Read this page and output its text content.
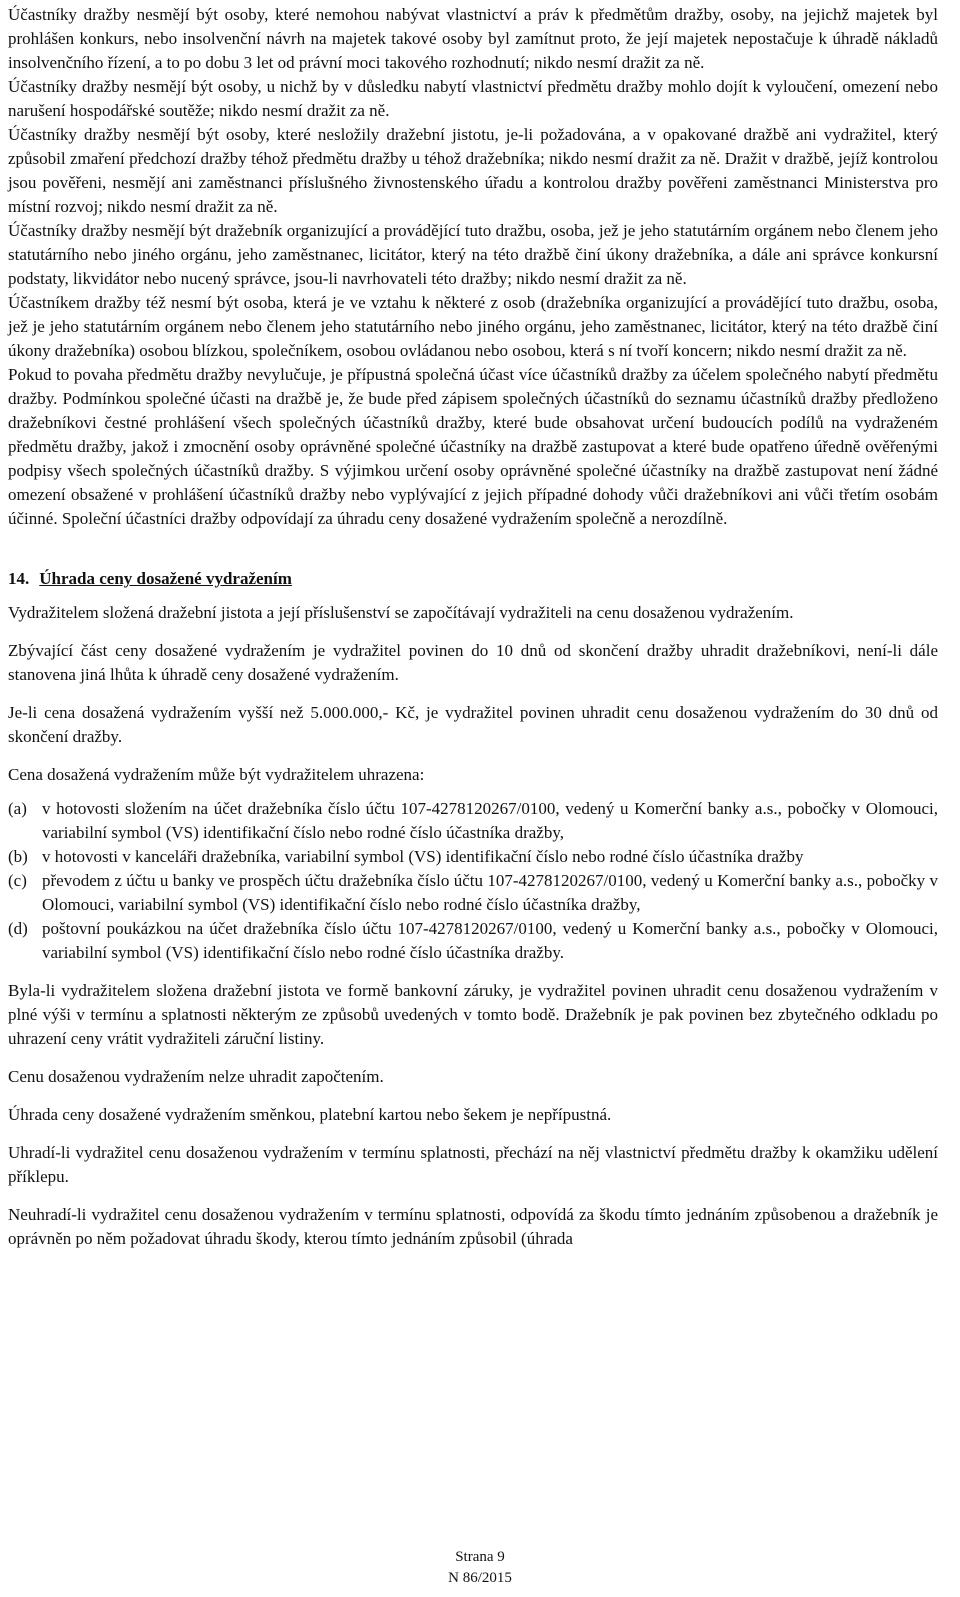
Účastníky dražby nesmějí být osoby, které nemohou nabývat vlastnictví a práv k předmětům dražby, osoby, na jejichž majetek byl prohlášen konkurs, nebo insolvenční návrh na majetek takové osoby byl zamítnut proto, že její majetek nepostačuje k úhradě nákladů insolvenčního řízení, a to po dobu 3 let od právní moci takového rozhodnutí; nikdo nesmí dražit za ně.

Účastníky dražby nesmějí být osoby, u nichž by v důsledku nabytí vlastnictví předmětu dražby mohlo dojít k vyloučení, omezení nebo narušení hospodářské soutěže; nikdo nesmí dražit za ně.

Účastníky dražby nesmějí být osoby, které nesložily dražební jistotu, je-li požadována, a v opakované dražbě ani vydražitel, který způsobil zmaření předchozí dražby téhož předmětu dražby u téhož dražebníka; nikdo nesmí dražit za ně. Dražit v dražbě, jejíž kontrolou jsou pověřeni, nesmějí ani zaměstnanci příslušného živnostenského úřadu a kontrolou dražby pověřeni zaměstnanci Ministerstva pro místní rozvoj; nikdo nesmí dražit za ně.

Účastníky dražby nesmějí být dražebník organizující a provádějící tuto dražbu, osoba, jež je jeho statutárním orgánem nebo členem jeho statutárního nebo jiného orgánu, jeho zaměstnanec, licitátor, který na této dražbě činí úkony dražebníka, a dále ani správce konkursní podstaty, likvidátor nebo nucený správce, jsou-li navrhovateli této dražby; nikdo nesmí dražit za ně.

Účastníkem dražby též nesmí být osoba, která je ve vztahu k některé z osob (dražebníka organizující a provádějící tuto dražbu, osoba, jež je jeho statutárním orgánem nebo členem jeho statutárního nebo jiného orgánu, jeho zaměstnanec, licitátor, který na této dražbě činí úkony dražebníka) osobou blízkou, společníkem, osobou ovládanou nebo osobou, která s ní tvoří koncern; nikdo nesmí dražit za ně.

Pokud to povaha předmětu dražby nevylučuje, je přípustná společná účast více účastníků dražby za účelem společného nabytí předmětu dražby. Podmínkou společné účasti na dražbě je, že bude před zápisem společných účastníků do seznamu účastníků dražby předloženo dražebníkovi čestné prohlášení všech společných účastníků dražby, které bude obsahovat určení budoucích podílů na vydraženém předmětu dražby, jakož i zmocnění osoby oprávněné společné účastníky na dražbě zastupovat a které bude opatřeno úředně ověřenými podpisy všech společných účastníků dražby. S výjimkou určení osoby oprávněné společné účastníky na dražbě zastupovat není žádné omezení obsažené v prohlášení účastníků dražby nebo vyplývající z jejich případné dohody vůči dražebníkovi ani vůči třetím osobám účinné. Společní účastníci dražby odpovídají za úhradu ceny dosažené vydražením společně a nerozdílně.

14. Úhrada ceny dosažené vydražením

Vydražitelem složená dražební jistota a její příslušenství se započítávají vydražiteli na cenu dosaženou vydražením.

Zbývající část ceny dosažené vydražením je vydražitel povinen do 10 dnů od skončení dražby uhradit dražebníkovi, není-li dále stanovena jiná lhůta k úhradě ceny dosažené vydražením.

Je-li cena dosažená vydražením vyšší než 5.000.000,- Kč, je vydražitel povinen uhradit cenu dosaženou vydražením do 30 dnů od skončení dražby.

Cena dosažená vydražením může být vydražitelem uhrazena:

(a) v hotovosti složením na účet dražebníka číslo účtu 107-4278120267/0100, vedený u Komerční banky a.s., pobočky v Olomouci, variabilní symbol (VS) identifikační číslo nebo rodné číslo účastníka dražby,
(b) v hotovosti v kanceláři dražebníka, variabilní symbol (VS) identifikační číslo nebo rodné číslo účastníka dražby
(c) převodem z účtu u banky ve prospěch účtu dražebníka číslo účtu 107-4278120267/0100, vedený u Komerční banky a.s., pobočky v Olomouci, variabilní symbol (VS) identifikační číslo nebo rodné číslo účastníka dražby,
(d) poštovní poukázkou na účet dražebníka číslo účtu 107-4278120267/0100, vedený u Komerční banky a.s., pobočky v Olomouci, variabilní symbol (VS) identifikační číslo nebo rodné číslo účastníka dražby.

Byla-li vydražitelem složena dražební jistota ve formě bankovní záruky, je vydražitel povinen uhradit cenu dosaženou vydražením v plné výši v termínu a splatnosti některým ze způsobů uvedených v tomto bodě. Dražebník je pak povinen bez zbytečného odkladu po uhrazení ceny vrátit vydražiteli záruční listiny.

Cenu dosaženou vydražením nelze uhradit započtením.

Úhrada ceny dosažené vydražením směnkou, platební kartou nebo šekem je nepřípustná.

Uhradí-li vydražitel cenu dosaženou vydražením v termínu splatnosti, přechází na něj vlastnictví předmětu dražby k okamžiku udělení příklepu.

Neuhradí-li vydražitel cenu dosaženou vydražením v termínu splatnosti, odpovídá za škodu tímto jednáním způsobenou a dražebník je oprávněn po něm požadovat úhradu škody, kterou tímto jednáním způsobil (úhrada

Strana 9
N 86/2015
